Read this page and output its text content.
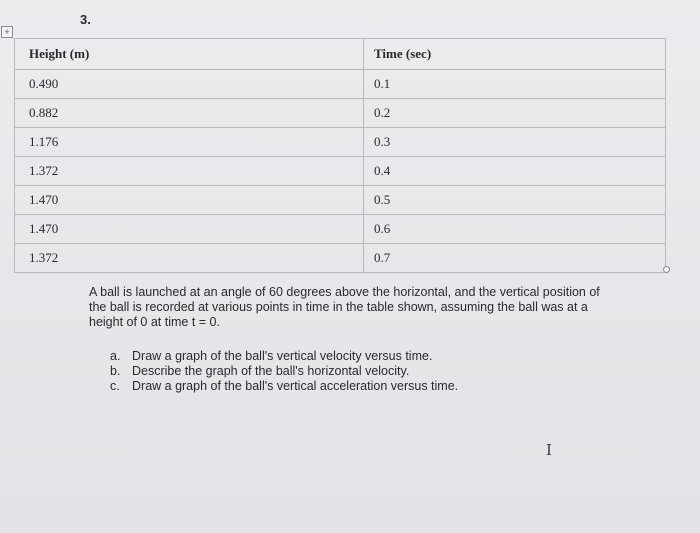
3.
+
Height (m)	Time (sec)
0.490	0.1
0.882	0.2
1.176	0.3
1.372	0.4
1.470	0.5
1.470	0.6
1.372	0.7

A ball is launched at an angle of 60 degrees above the horizontal, and the vertical position of the ball is recorded at various points in time in the table shown, assuming the ball was at a height of 0 at time t = 0.

a. Draw a graph of the ball's vertical velocity versus time.
b. Describe the graph of the ball's horizontal velocity.
c. Draw a graph of the ball's vertical acceleration versus time.
I
